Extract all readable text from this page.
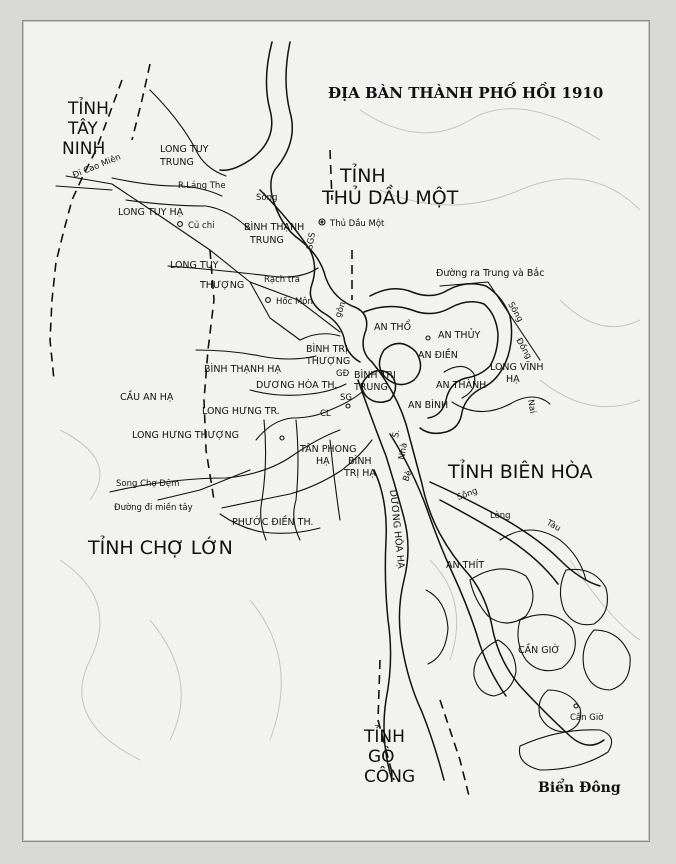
ĐỊA BÀN THÀNH PHỐ HỒI 1910
TỈNH
TÂY
NINH
TỈNH
THỦ DẦU MỘT
TỈNH BIÊN HÒA
TỈNH CHỢ LỚN
TỈNH
GÒ
CÔNG
LONG TUY
TRUNG
LONG TUY HẠ
BÌNH THẠNH
TRUNG
LONG TUY
THƯỢNG
AN THỔ
AN THỦY
AN ĐIỀN
LONG VĨNH
HẠ
BÌNH TRỊ
THƯỢNG
BÌNH THẠNH HẠ
DƯƠNG HÒA TH.
BÌNH TRỊ
TRUNG	AN THÀNH
AN BÌNH
CẦU AN HẠ
LONG HƯNG TR.
LONG HƯNG THƯỢNG
TÂN PHONG
HẠ BÌNH
TRỊ HẠ
PHƯỚC ĐIỀN TH.	DƯƠNG HÒA HẠ	AN THÍT
CẦN GIỜ
Củ chi	Thủ Dầu Một
Hốc Môn
GĐ
SG
CL
Cần Giờ
R.Láng The
Sông
SGS
Rạch tra
gòn	Sông
Đồng
Nai
S.
Nhà
Bè
Sông
Lòng
Tàu
Song Chợ Đệm
Đi Cao Miên
Đường ra Trung và Bắc
Đường đi miền tây
Biển Đông
